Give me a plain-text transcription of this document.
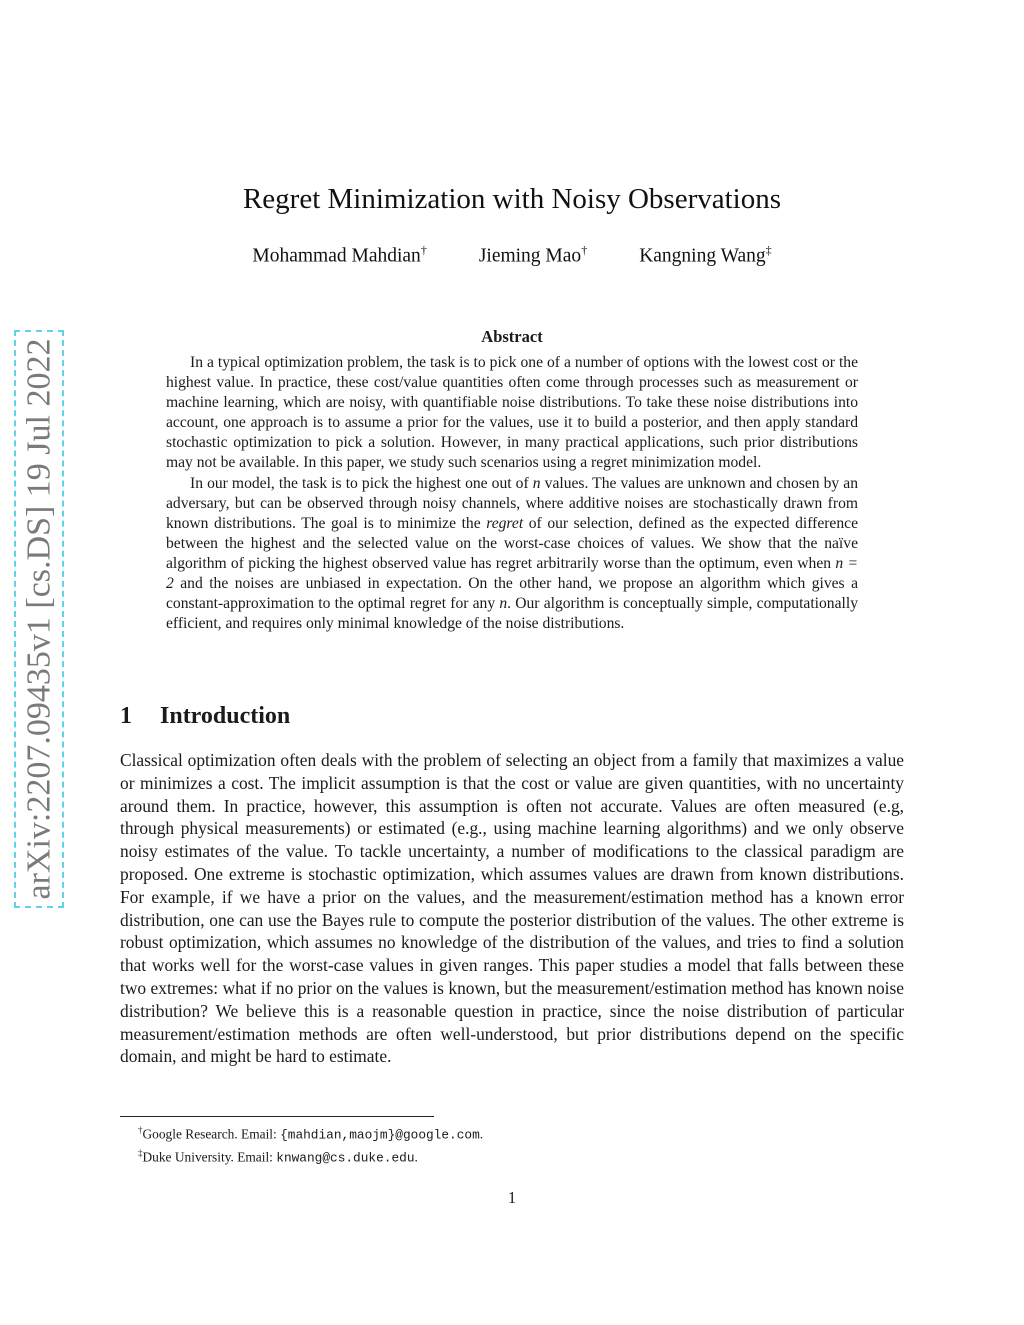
arXiv:2207.09435v1 [cs.DS] 19 Jul 2022
Regret Minimization with Noisy Observations
Mohammad Mahdian†	Jieming Mao†	Kangning Wang‡
Abstract

In a typical optimization problem, the task is to pick one of a number of options with the lowest cost or the highest value. In practice, these cost/value quantities often come through processes such as measurement or machine learning, which are noisy, with quantifiable noise distributions. To take these noise distributions into account, one approach is to assume a prior for the values, use it to build a posterior, and then apply standard stochastic optimization to pick a solution. However, in many practical applications, such prior distributions may not be available. In this paper, we study such scenarios using a regret minimization model.

In our model, the task is to pick the highest one out of n values. The values are unknown and chosen by an adversary, but can be observed through noisy channels, where additive noises are stochastically drawn from known distributions. The goal is to minimize the regret of our selection, defined as the expected difference between the highest and the selected value on the worst-case choices of values. We show that the naïve algorithm of picking the highest observed value has regret arbitrarily worse than the optimum, even when n = 2 and the noises are unbiased in expectation. On the other hand, we propose an algorithm which gives a constant-approximation to the optimal regret for any n. Our algorithm is conceptually simple, computationally efficient, and requires only minimal knowledge of the noise distributions.

1 Introduction

Classical optimization often deals with the problem of selecting an object from a family that maximizes a value or minimizes a cost. The implicit assumption is that the cost or value are given quantities, with no uncertainty around them. In practice, however, this assumption is often not accurate. Values are often measured (e.g, through physical measurements) or estimated (e.g., using machine learning algorithms) and we only observe noisy estimates of the value. To tackle uncertainty, a number of modifications to the classical paradigm are proposed. One extreme is stochastic optimization, which assumes values are drawn from known distributions. For example, if we have a prior on the values, and the measurement/estimation method has a known error distribution, one can use the Bayes rule to compute the posterior distribution of the values. The other extreme is robust optimization, which assumes no knowledge of the distribution of the values, and tries to find a solution that works well for the worst-case values in given ranges. This paper studies a model that falls between these two extremes: what if no prior on the values is known, but the measurement/estimation method has known noise distribution? We believe this is a reasonable question in practice, since the noise distribution of particular measurement/estimation methods are often well-understood, but prior distributions depend on the specific domain, and might be hard to estimate.

†Google Research. Email: {mahdian,maojm}@google.com.
‡Duke University. Email: knwang@cs.duke.edu.
1
